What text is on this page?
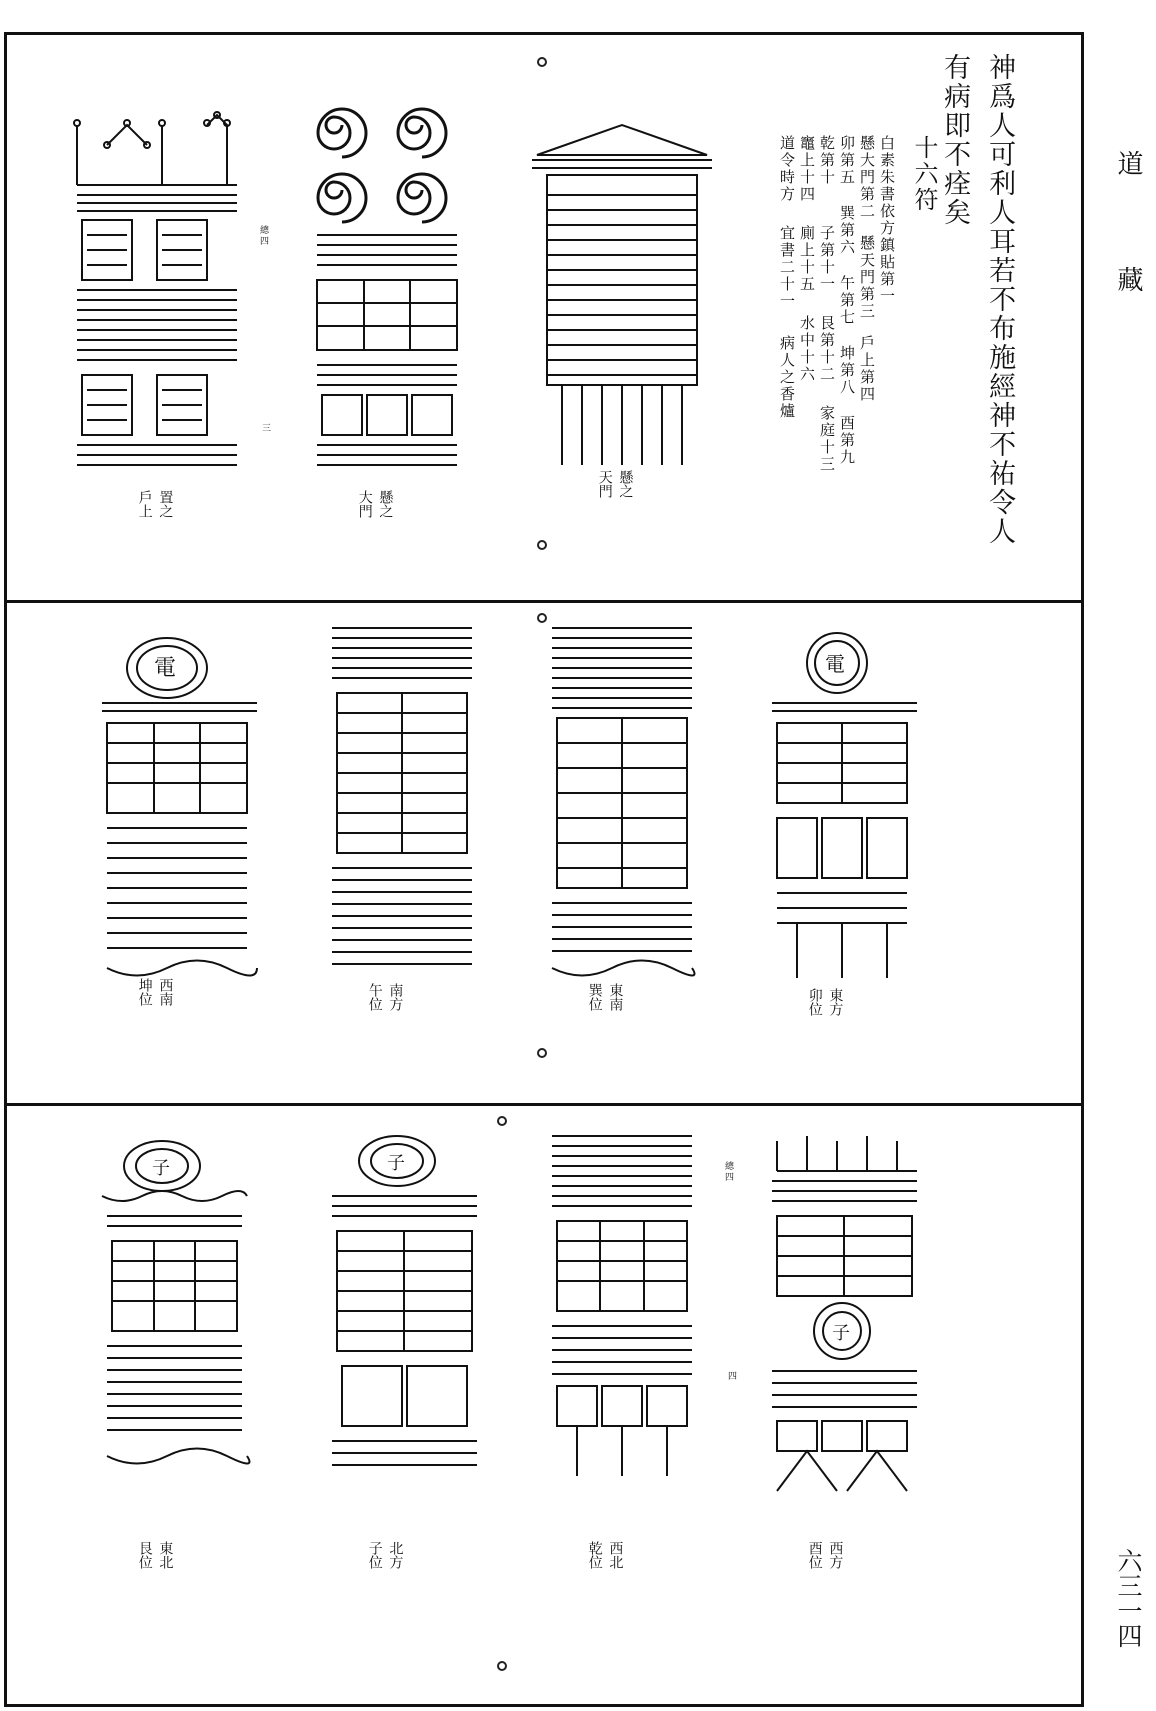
道藏
六三一四
神爲人可利人耳若不布施經神不祐令人
有病即不痊矣
十六符
白素朱書依方鎮貼第一
懸大門第二
懸天門第三
戶上第四
卯第五
巽第六
午第七
坤第八
酉第九
乾第十
子第十一
艮第十二
家庭十三
竈上十四
廁上十五
水中十六
道令時方
宜書二十一
病人之香爐
總四
三
置之
戶上	懸之
大門
懸之
天門
電	電
西南
坤位	南方
午位	東南
巽位	東方
卯位
總四
四
子	子
子
東北
艮位	北方
子位	西北
乾位	西方
酉位
